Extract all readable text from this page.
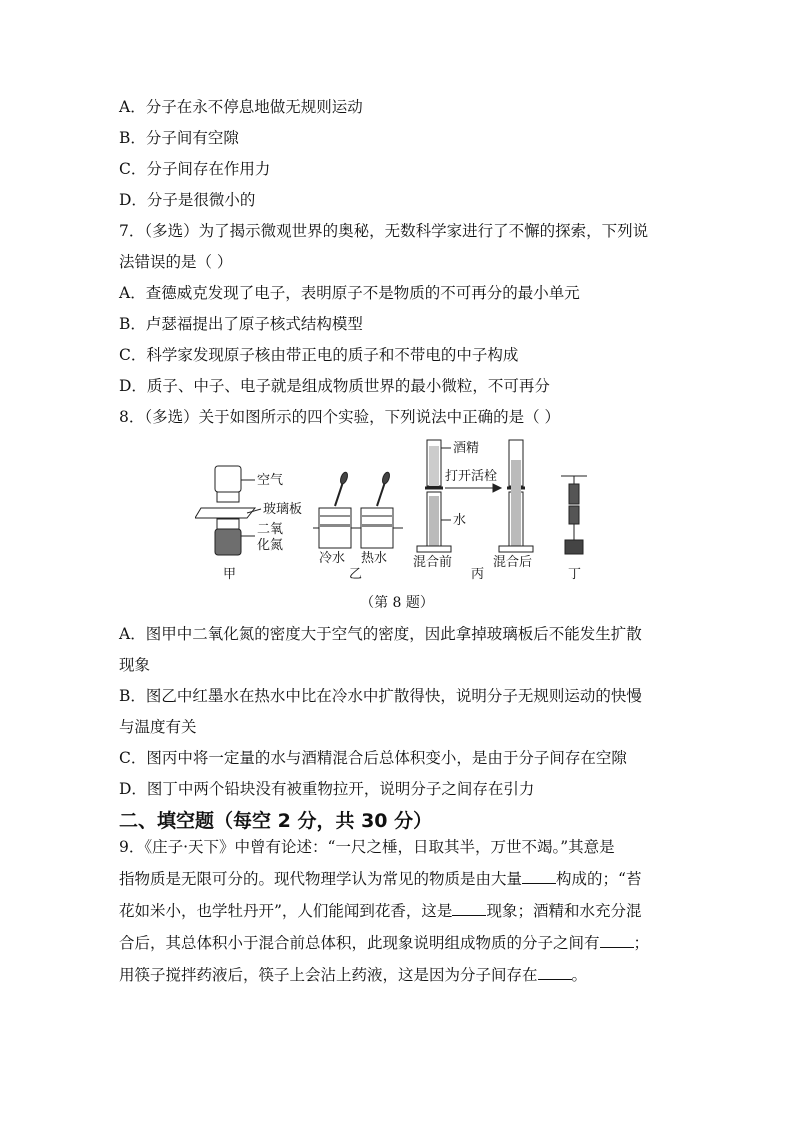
A．分子在永不停息地做无规则运动
B．分子间有空隙
C．分子间存在作用力
D．分子是很微小的
7．（多选）为了揭示微观世界的奥秘，无数科学家进行了不懈的探索，下列说
法错误的是（ ）
A．查德威克发现了电子，表明原子不是物质的不可再分的最小单元
B．卢瑟福提出了原子核式结构模型
C．科学家发现原子核由带正电的质子和不带电的中子构成
D．质子、中子、电子就是组成物质世界的最小微粒，不可再分
8．（多选）关于如图所示的四个实验，下列说法中正确的是（ ）
空气
玻璃板
二氧
化氮
甲
冷水 热水
乙
酒精
打开活栓
水
混合前	混合后
丙	丁
（第 8 题）
A．图甲中二氧化氮的密度大于空气的密度，因此拿掉玻璃板后不能发生扩散
现象
B．图乙中红墨水在热水中比在冷水中扩散得快，说明分子无规则运动的快慢
与温度有关
C．图丙中将一定量的水与酒精混合后总体积变小，是由于分子间存在空隙
D．图丁中两个铅块没有被重物拉开，说明分子之间存在引力
二、填空题（每空 2 分，共 30 分）
9．《庄子·天下》中曾有论述：“一尺之棰，日取其半，万世不竭。”其意是
指物质是无限可分的。现代物理学认为常见的物质是由大量 构成的；“苔
花如米小，也学牡丹开”，人们能闻到花香，这是 现象；酒精和水充分混
合后，其总体积小于混合前总体积，此现象说明组成物质的分子之间有 ；
用筷子搅拌药液后，筷子上会沾上药液，这是因为分子间存在 。
